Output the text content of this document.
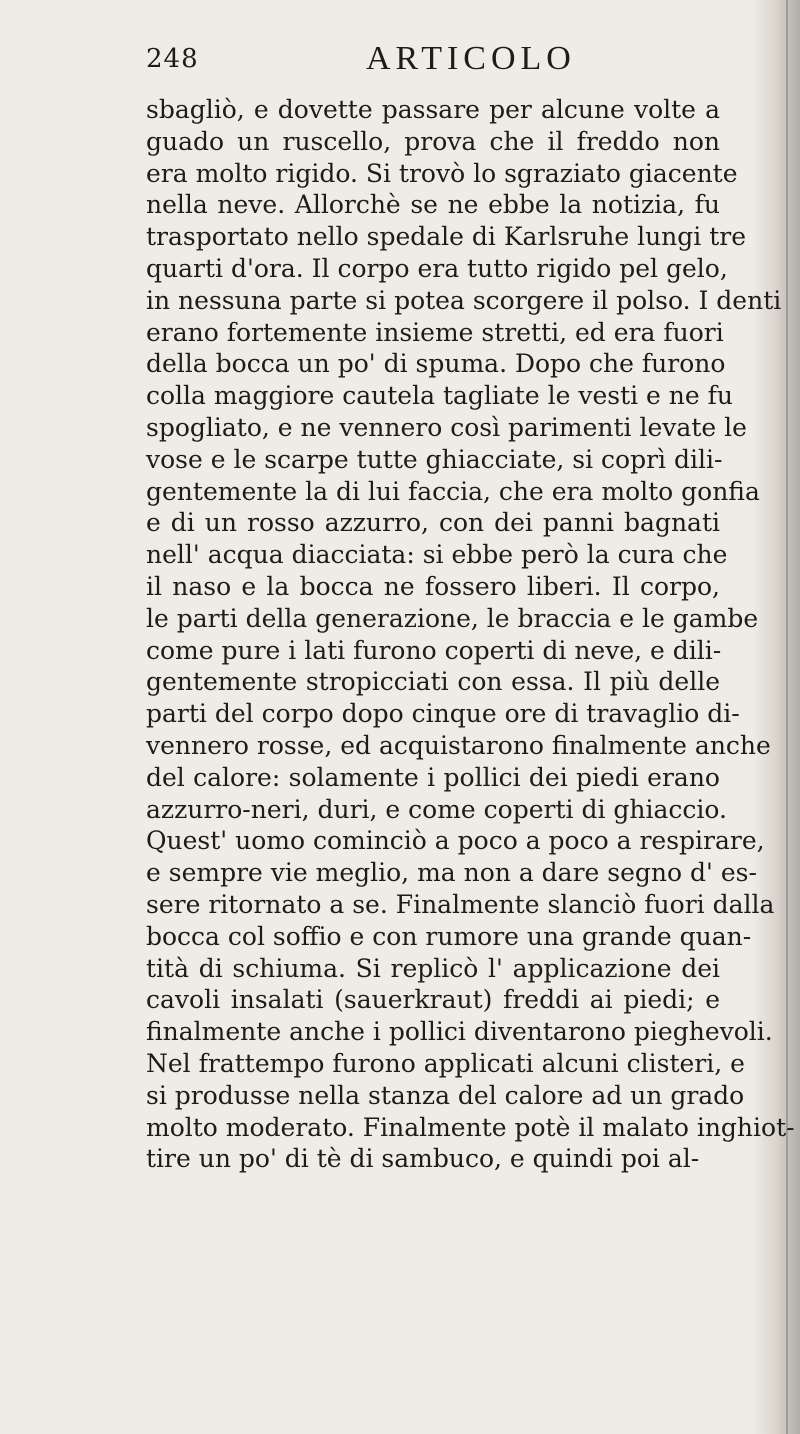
248	ARTICOLO
sbagliò, e dovette passare per alcune volte a
guado un ruscello, prova che il freddo non
era molto rigido. Si trovò lo sgraziato giacente
nella neve. Allorchè se ne ebbe la notizia, fu
trasportato nello spedale di Karlsruhe lungi tre
quarti d'ora. Il corpo era tutto rigido pel gelo,
in nessuna parte si potea scorgere il polso. I denti
erano fortemente insieme stretti, ed era fuori
della bocca un po' di spuma. Dopo che furono
colla maggiore cautela tagliate le vesti e ne fu
spogliato, e ne vennero così parimenti levate le
vose e le scarpe tutte ghiacciate, si coprì dili-
gentemente la di lui faccia, che era molto gonfia
e di un rosso azzurro, con dei panni bagnati
nell' acqua diacciata: si ebbe però la cura che
il naso e la bocca ne fossero liberi. Il corpo,
le parti della generazione, le braccia e le gambe
come pure i lati furono coperti di neve, e dili-
gentemente stropicciati con essa. Il più delle
parti del corpo dopo cinque ore di travaglio di-
vennero rosse, ed acquistarono finalmente anche
del calore: solamente i pollici dei piedi erano
azzurro-neri, duri, e come coperti di ghiaccio.
Quest' uomo cominciò a poco a poco a respirare,
e sempre vie meglio, ma non a dare segno d' es-
sere ritornato a se. Finalmente slanciò fuori dalla
bocca col soffio e con rumore una grande quan-
tità di schiuma. Si replicò l' applicazione dei
cavoli insalati (sauerkraut) freddi ai piedi; e
finalmente anche i pollici diventarono pieghevoli.
Nel frattempo furono applicati alcuni clisteri, e
si produsse nella stanza del calore ad un grado
molto moderato. Finalmente potè il malato inghiot-
tire un po' di tè di sambuco, e quindi poi al-
